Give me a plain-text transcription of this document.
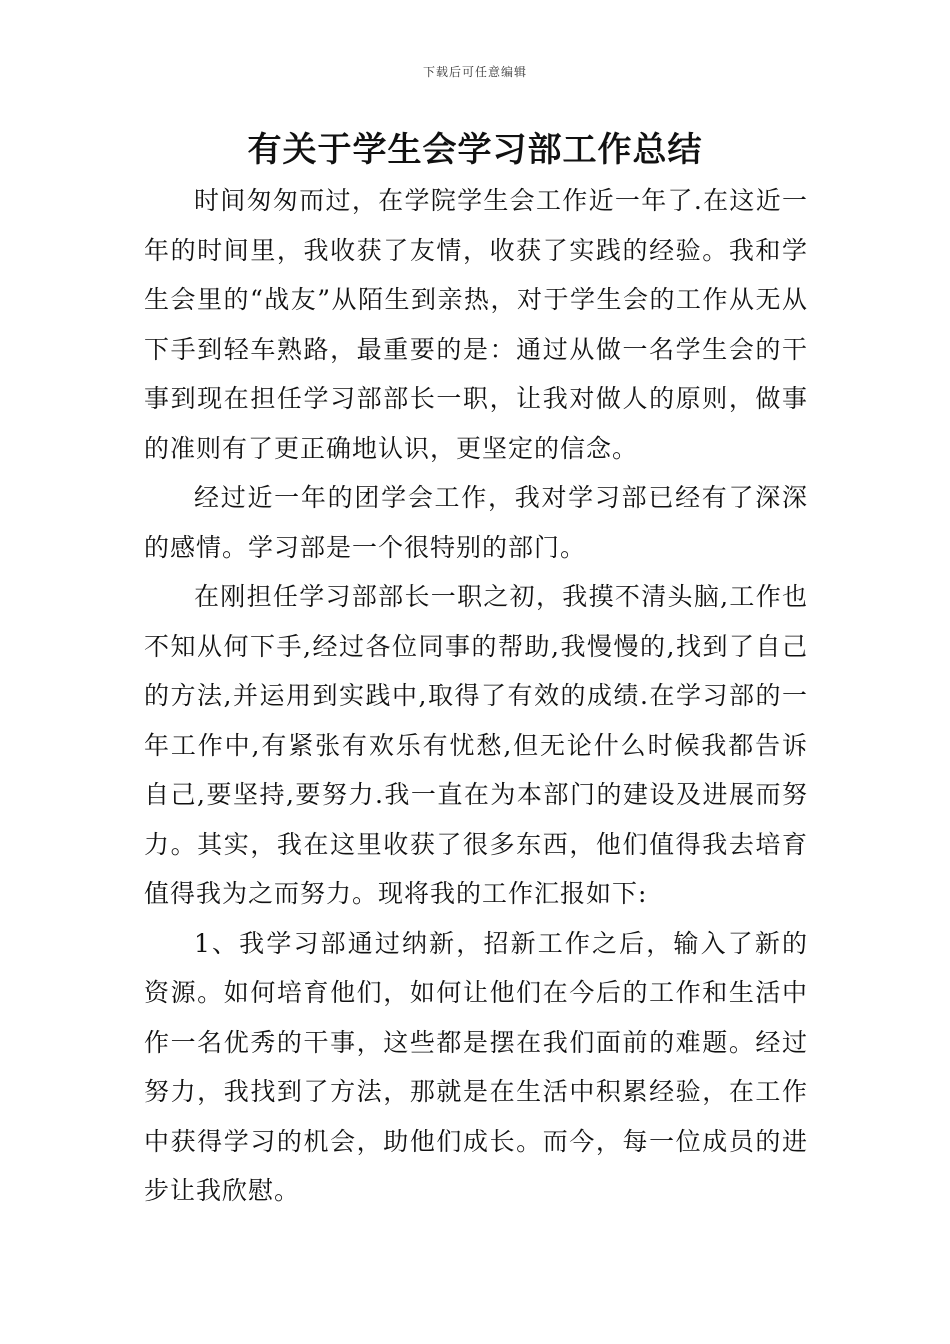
下载后可任意编辑
有关于学生会学习部工作总结

时间匆匆而过，在学院学生会工作近一年了.在这近一年的时间里，我收获了友情，收获了实践的经验。我和学生会里的“战友”从陌生到亲热，对于学生会的工作从无从下手到轻车熟路，最重要的是：通过从做一名学生会的干事到现在担任学习部部长一职，让我对做人的原则，做事的准则有了更正确地认识，更坚定的信念。

经过近一年的团学会工作，我对学习部已经有了深深的感情。学习部是一个很特别的部门。

在刚担任学习部部长一职之初，我摸不清头脑,工作也不知从何下手,经过各位同事的帮助,我慢慢的,找到了自己的方法,并运用到实践中,取得了有效的成绩.在学习部的一年工作中,有紧张有欢乐有忧愁,但无论什么时候我都告诉自己,要坚持,要努力.我一直在为本部门的建设及进展而努力。其实，我在这里收获了很多东西，他们值得我去培育值得我为之而努力。现将我的工作汇报如下:

1、我学习部通过纳新，招新工作之后，输入了新的资源。如何培育他们，如何让他们在今后的工作和生活中作一名优秀的干事，这些都是摆在我们面前的难题。经过努力，我找到了方法，那就是在生活中积累经验，在工作中获得学习的机会，助他们成长。而今，每一位成员的进步让我欣慰。
